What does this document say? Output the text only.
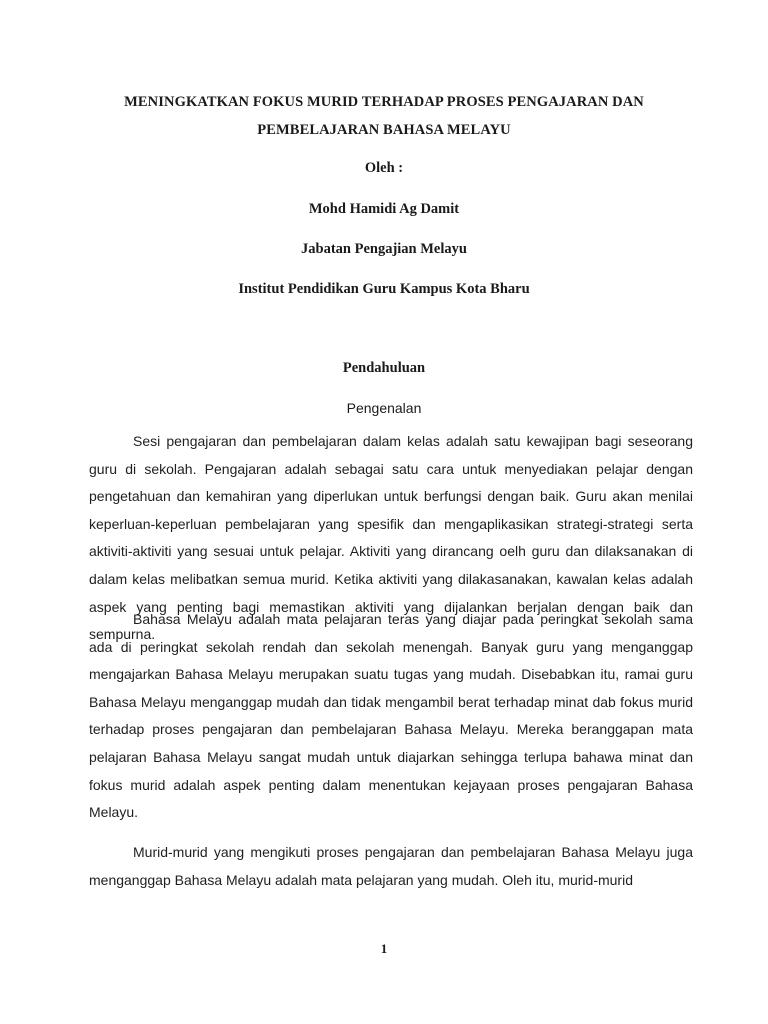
MENINGKATKAN FOKUS MURID TERHADAP PROSES PENGAJARAN DAN
PEMBELAJARAN BAHASA MELAYU
Oleh :
Mohd Hamidi Ag Damit
Jabatan Pengajian Melayu
Institut Pendidikan Guru Kampus Kota Bharu
Pendahuluan
Pengenalan

Sesi pengajaran dan pembelajaran dalam kelas adalah satu kewajipan bagi seseorang guru di sekolah. Pengajaran adalah sebagai satu cara untuk menyediakan pelajar dengan pengetahuan dan kemahiran yang diperlukan untuk berfungsi dengan baik. Guru akan menilai keperluan-keperluan pembelajaran yang spesifik dan mengaplikasikan strategi-strategi serta aktiviti-aktiviti yang sesuai untuk pelajar. Aktiviti yang dirancang oelh guru dan dilaksanakan di dalam kelas melibatkan semua murid. Ketika aktiviti yang dilakasanakan, kawalan kelas adalah aspek yang penting bagi memastikan aktiviti yang dijalankan berjalan dengan baik dan sempurna.

Bahasa Melayu adalah mata pelajaran teras yang diajar pada peringkat sekolah sama ada di peringkat sekolah rendah dan sekolah menengah. Banyak guru yang menganggap mengajarkan Bahasa Melayu merupakan suatu tugas yang mudah. Disebabkan itu, ramai guru Bahasa Melayu menganggap mudah dan tidak mengambil berat terhadap minat dab fokus murid terhadap proses pengajaran dan pembelajaran Bahasa Melayu. Mereka beranggapan mata pelajaran Bahasa Melayu sangat mudah untuk diajarkan sehingga terlupa bahawa minat dan fokus murid adalah aspek penting dalam menentukan kejayaan proses pengajaran Bahasa Melayu.

Murid-murid yang mengikuti proses pengajaran dan pembelajaran Bahasa Melayu juga menganggap Bahasa Melayu adalah mata pelajaran yang mudah. Oleh itu, murid-murid

1
